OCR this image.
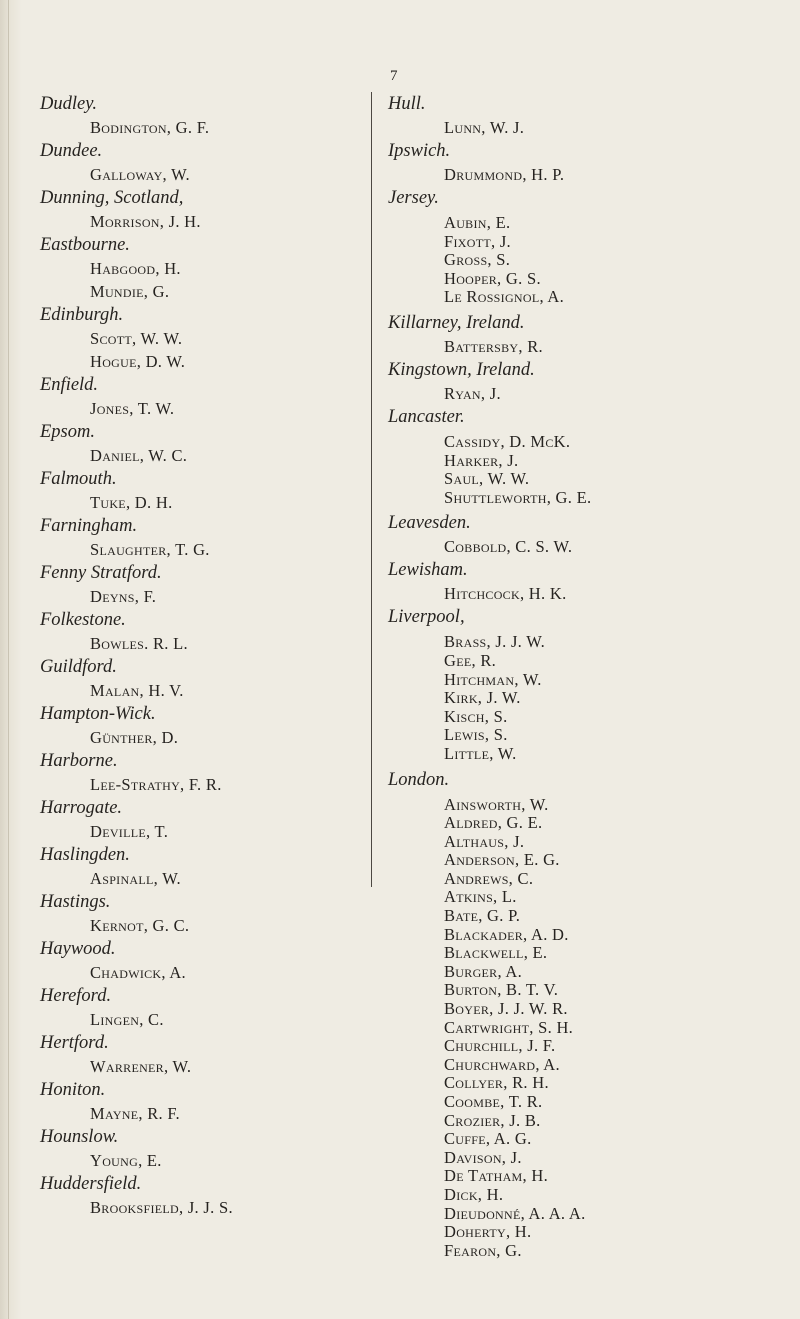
7

Dudley.

Bodington, G. F.

Dundee.

Galloway, W.

Dunning, Scotland,

Morrison, J. H.

Eastbourne.

Habgood, H.
Mundie, G.

Edinburgh.

Scott, W. W.
Hogue, D. W.

Enfield.

Jones, T. W.

Epsom.

Daniel, W. C.

Falmouth.

Tuke, D. H.

Farningham.

Slaughter, T. G.

Fenny Stratford.

Deyns, F.

Folkestone.

Bowles. R. L.

Guildford.

Malan, H. V.

Hampton-Wick.

Günther, D.

Harborne.

Lee-Strathy, F. R.

Harrogate.

Deville, T.

Haslingden.

Aspinall, W.

Hastings.

Kernot, G. C.

Haywood.

Chadwick, A.

Hereford.

Lingen, C.

Hertford.

Warrener, W.

Honiton.

Mayne, R. F.

Hounslow.

Young, E.

Huddersfield.

Brooksfield, J. J. S.

Hull.

Lunn, W. J.

Ipswich.

Drummond, H. P.

Jersey.

Aubin, E.
Fixott, J.
Gross, S.
Hooper, G. S.
Le Rossignol, A.

Killarney, Ireland.

Battersby, R.

Kingstown, Ireland.

Ryan, J.

Lancaster.

Cassidy, D. McK.
Harker, J.
Saul, W. W.
Shuttleworth, G. E.

Leavesden.

Cobbold, C. S. W.

Lewisham.

Hitchcock, H. K.

Liverpool,

Brass, J. J. W.
Gee, R.
Hitchman, W.
Kirk, J. W.
Kisch, S.
Lewis, S.
Little, W.

London.

Ainsworth, W.
Aldred, G. E.
Althaus, J.
Anderson, E. G.
Andrews, C.
Atkins, L.
Bate, G. P.
Blackader, A. D.
Blackwell, E.
Burger, A.
Burton, B. T. V.
Boyer, J. J. W. R.
Cartwright, S. H.
Churchill, J. F.
Churchward, A.
Collyer, R. H.
Coombe, T. R.
Crozier, J. B.
Cuffe, A. G.
Davison, J.
De Tatham, H.
Dick, H.
Dieudonné, A. A. A.
Doherty, H.
Fearon, G.
